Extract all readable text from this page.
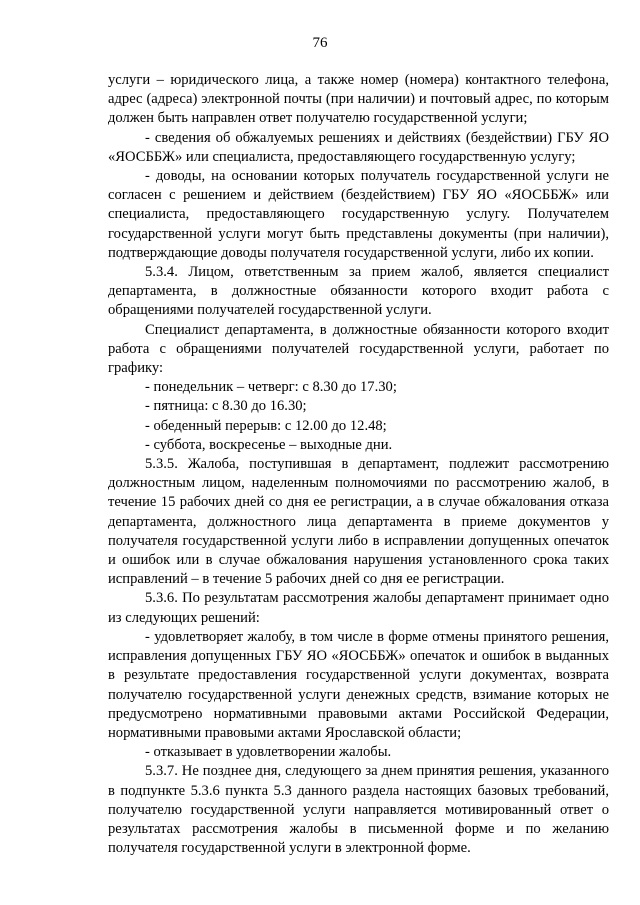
76

услуги – юридического лица, а также номер (номера) контактного телефона, адрес (адреса) электронной почты (при наличии) и почтовый адрес, по которым должен быть направлен ответ получателю государственной услуги;

- сведения об обжалуемых решениях и действиях (бездействии) ГБУ ЯО «ЯОСББЖ» или специалиста, предоставляющего государственную услугу;

- доводы, на основании которых получатель государственной услуги не согласен с решением и действием (бездействием) ГБУ ЯО «ЯОСББЖ» или специалиста, предоставляющего государственную услугу. Получателем государственной услуги могут быть представлены документы (при наличии), подтверждающие доводы получателя государственной услуги, либо их копии.

5.3.4. Лицом, ответственным за прием жалоб, является специалист департамента, в должностные обязанности которого входит работа с обращениями получателей государственной услуги.

Специалист департамента, в должностные обязанности которого входит работа с обращениями получателей государственной услуги, работает по графику:

- понедельник – четверг: с 8.30 до 17.30;

- пятница: с 8.30 до 16.30;

- обеденный перерыв: с 12.00 до 12.48;

- суббота, воскресенье – выходные дни.

5.3.5. Жалоба, поступившая в департамент, подлежит рассмотрению должностным лицом, наделенным полномочиями по рассмотрению жалоб, в течение 15 рабочих дней со дня ее регистрации, а в случае обжалования отказа департамента, должностного лица департамента в приеме документов у получателя государственной услуги либо в исправлении допущенных опечаток и ошибок или в случае обжалования нарушения установленного срока таких исправлений – в течение 5 рабочих дней со дня ее регистрации.

5.3.6. По результатам рассмотрения жалобы департамент принимает одно из следующих решений:

- удовлетворяет жалобу, в том числе в форме отмены принятого решения, исправления допущенных ГБУ ЯО «ЯОСББЖ» опечаток и ошибок в выданных в результате предоставления государственной услуги документах, возврата получателю государственной услуги денежных средств, взимание которых не предусмотрено нормативными правовыми актами Российской Федерации, нормативными правовыми актами Ярославской области;

- отказывает в удовлетворении жалобы.

5.3.7. Не позднее дня, следующего за днем принятия решения, указанного в подпункте 5.3.6 пункта 5.3 данного раздела настоящих базовых требований, получателю государственной услуги направляется мотивированный ответ о результатах рассмотрения жалобы в письменной форме и по желанию получателя государственной услуги в электронной форме.
